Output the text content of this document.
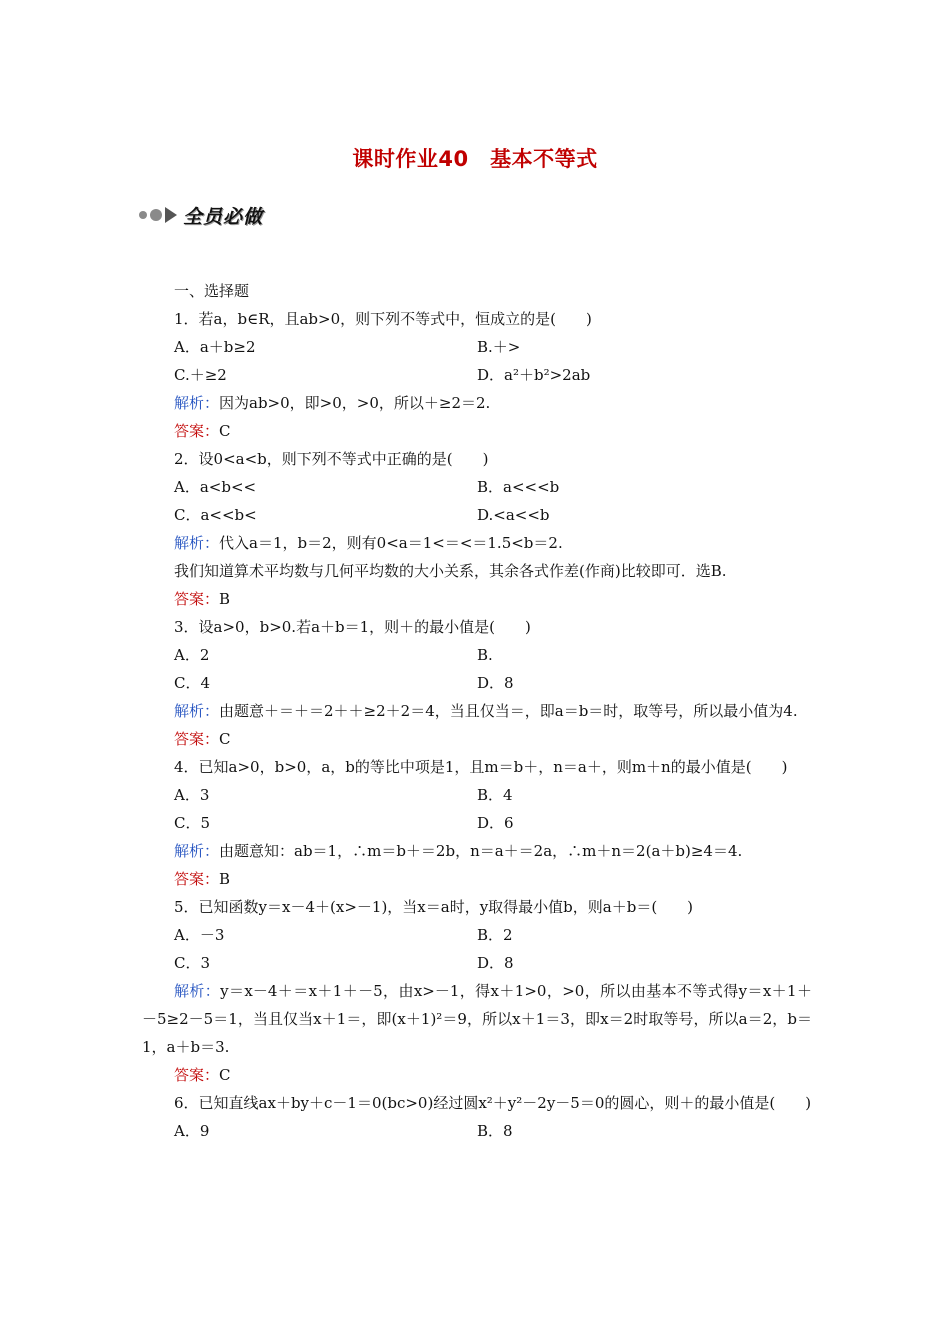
课时作业40　基本不等式
全员必做
一、选择题
1．若a，b∈R，且ab>0，则下列不等式中，恒成立的是(　　)
A．a＋b≥2	B.＋>
C.＋≥2	D．a²＋b²>2ab
解析：因为ab>0，即>0，>0，所以＋≥2＝2.
答案：C
2．设0<a<b，则下列不等式中正确的是(　　)
A．a<b<<	B．a<<<b
C．a<<b<	D.<a<<b
解析：代入a＝1，b＝2，则有0<a＝1<＝<＝1.5<b＝2.
我们知道算术平均数与几何平均数的大小关系，其余各式作差(作商)比较即可．选B.
答案：B
3．设a>0，b>0.若a＋b＝1，则＋的最小值是(　　)
A．2	B.
C．4	D．8
解析：由题意＋＝＋＝2＋＋≥2＋2＝4，当且仅当＝，即a＝b＝时，取等号，所以最小值为4.
答案：C
4．已知a>0，b>0，a，b的等比中项是1，且m＝b＋，n＝a＋，则m＋n的最小值是(　　)
A．3	B．4
C．5	D．6
解析：由题意知：ab＝1，∴m＝b＋＝2b，n＝a＋＝2a，∴m＋n＝2(a＋b)≥4＝4.
答案：B
5．已知函数y＝x－4＋(x>－1)，当x＝a时，y取得最小值b，则a＋b＝(　　)
A．－3	B．2
C．3	D．8
解析：y＝x－4＋＝x＋1＋－5，由x>－1，得x＋1>0，>0，所以由基本不等式得y＝x＋1＋－5≥2－5＝1，当且仅当x＋1＝，即(x＋1)²＝9，所以x＋1＝3，即x＝2时取等号，所以a＝2，b＝1，a＋b＝3.
答案：C
6．已知直线ax＋by＋c－1＝0(bc>0)经过圆x²＋y²－2y－5＝0的圆心，则＋的最小值是(　　)
A．9	B．8
